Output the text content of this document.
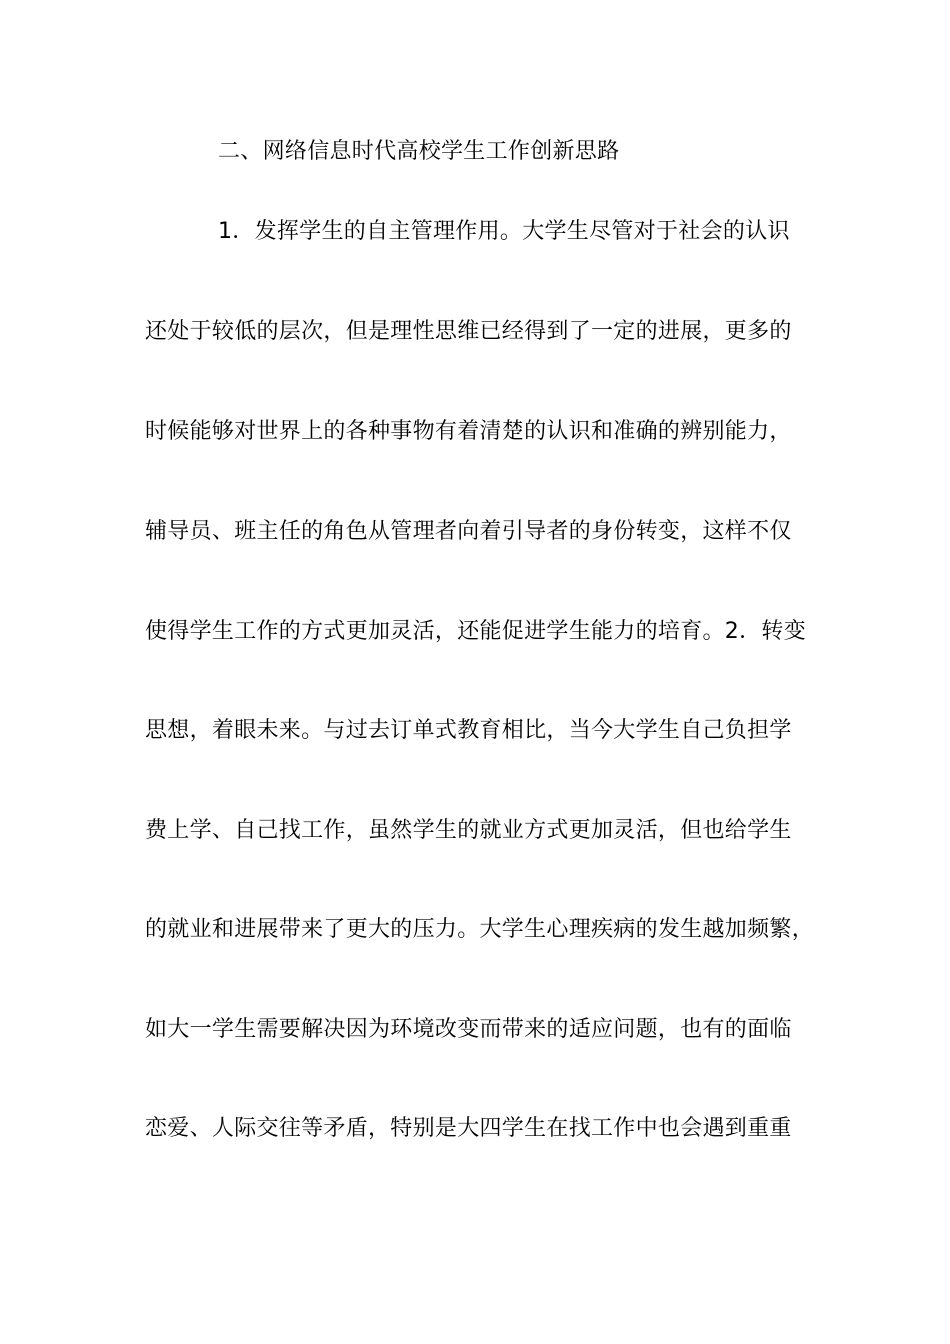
二、网络信息时代高校学生工作创新思路
1．发挥学生的自主管理作用。大学生尽管对于社会的认识
还处于较低的层次，但是理性思维已经得到了一定的进展，更多的
时候能够对世界上的各种事物有着清楚的认识和准确的辨别能力，
辅导员、班主任的角色从管理者向着引导者的身份转变，这样不仅
使得学生工作的方式更加灵活，还能促进学生能力的培育。2．转变
思想，着眼未来。与过去订单式教育相比，当今大学生自己负担学
费上学、自己找工作，虽然学生的就业方式更加灵活，但也给学生
的就业和进展带来了更大的压力。大学生心理疾病的发生越加频繁，
如大一学生需要解决因为环境改变而带来的适应问题，也有的面临
恋爱、人际交往等矛盾，特别是大四学生在找工作中也会遇到重重
